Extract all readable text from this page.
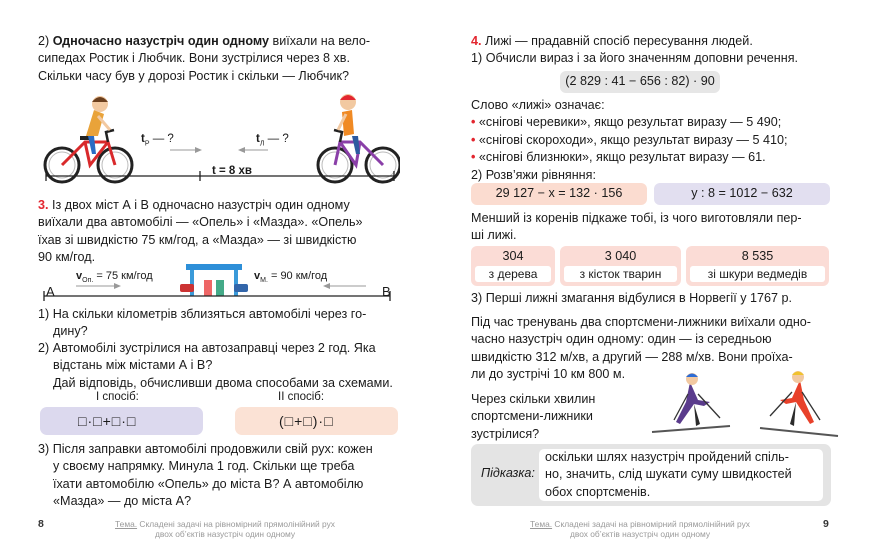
2) Одночасно назустріч один одному виїхали на вело-
сипедах Ростик і Любчик. Вони зустрілися через 8 хв.
Скільки часу був у дорозі Ростик і скільки — Любчик?
$t_Р$ — ?	$t_Л$ — ?
t = 8 хв
3. Із двох міст А і В одночасно назустріч один одному
виїхали два автомобілі — «Опель» і «Мазда». «Опель»
їхав зі швидкістю 75 км/год, а «Мазда» — зі швидкістю
90 км/год.
$v_{Оп.} = 75$ км/год	$v_{М.} = 90$ км/год
А	В
1) На скільки кілометрів зблизяться автомобілі через го-
дину?
2) Автомобілі зустрілися на автозаправці через 2 год. Яка
відстань між містами А і В?
Дай відповідь, обчисливши двома способами за схемами.
І спосіб:	ІІ спосіб:
□·□+□·□	(□+□)·□
3) Після заправки автомобілі продовжили свій рух: кожен
у своєму напрямку. Минула 1 год. Скільки ще треба
їхати автомобілю «Опель» до міста В? А автомобілю
«Мазда» — до міста А?
8	Тема. Складені задачі на рівномірний прямолінійний рух
двох об’єктів назустріч один одному
4. Лижі — прадавній спосіб пересування людей.
1) Обчисли вираз і за його значенням доповни речення.
(2 829 : 41 − 656 : 82) · 90
Слово «лижі» означає:
• «снігові черевики», якщо результат виразу — 5 490;
• «снігові скороходи», якщо результат виразу — 5 410;
• «снігові близнюки», якщо результат виразу — 61.
2) Розв’яжи рівняння:
29 127 − x = 132 · 156	y : 8 = 1012 − 632
Менший із коренів підкаже тобі, із чого виготовляли пер-
ші лижі.
304
з дерева
3 040
з кісток тварин
8 535
зі шкури ведмедів
3) Перші лижні змагання відбулися в Норвегії у 1767 р.
Під час тренувань два спортсмени-лижники виїхали одно-
часно назустріч один одному: один — із середньою
швидкістю 312 м/хв, а другий — 288 м/хв. Вони проїха-
ли до зустрічі 10 км 800 м.
Через скільки хвилин
спортсмени-лижники
зустрілися?
Підказка:
оскільки шлях назустріч пройдений спіль-
но, значить, слід шукати суму швидкостей
обох спортсменів.
Тема. Складені задачі на рівномірний прямолінійний рух
двох об’єктів назустріч один одному
9
